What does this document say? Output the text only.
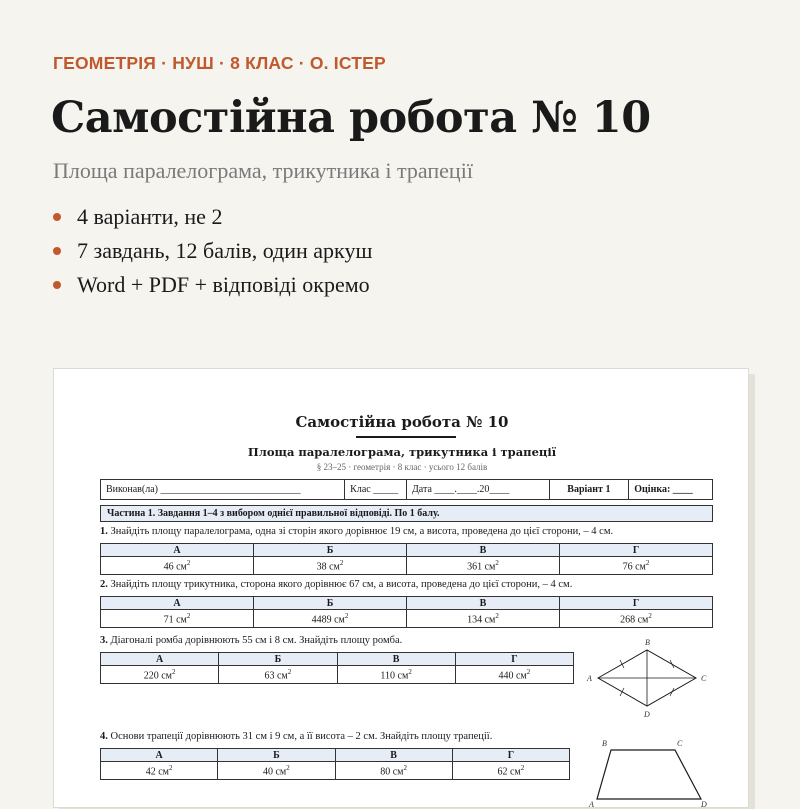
ГЕОМЕТРІЯ · НУШ · 8 КЛАС · О. ІСТЕР
Самостійна робота № 10
Площа паралелограма, трикутника і трапеції
4 варіанти, не 2
7 завдань, 12 балів, один аркуш
Word + PDF + відповіді окремо
Самостійна робота № 10
Площа паралелограма, трикутника і трапеції
§ 23–25 · геометрія · 8 клас · усього 12 балів
Виконав(ла) ____________________________	Клас _____	Дата ____.____.20____	Варіант 1	Оцінка: ____
Частина 1. Завдання 1–4 з вибором однієї правильної відповіді. По 1 балу.
1. Знайдіть площу паралелограма, одна зі сторін якого дорівнює 19 см, а висота, проведена до цієї сторони, – 4 см.
А	Б	В	Г
46 $см^2$	38 $см^2$	361 $см^2$	76 $см^2$
2. Знайдіть площу трикутника, сторона якого дорівнює 67 см, а висота, проведена до цієї сторони, – 4 см.
А	Б	В	Г
71 $см^2$	4489 $см^2$	134 $см^2$	268 $см^2$
3. Діагоналі ромба дорівнюють 55 см і 8 см. Знайдіть площу ромба.
А	Б	В	Г
220 $см^2$	63 $см^2$	110 $см^2$	440 $см^2$
A
B
C
D
4. Основи трапеції дорівнюють 31 см і 9 см, а її висота – 2 см. Знайдіть площу трапеції.
А	Б	В	Г
42 $см^2$	40 $см^2$	80 $см^2$	62 $см^2$
B	C
A	D
